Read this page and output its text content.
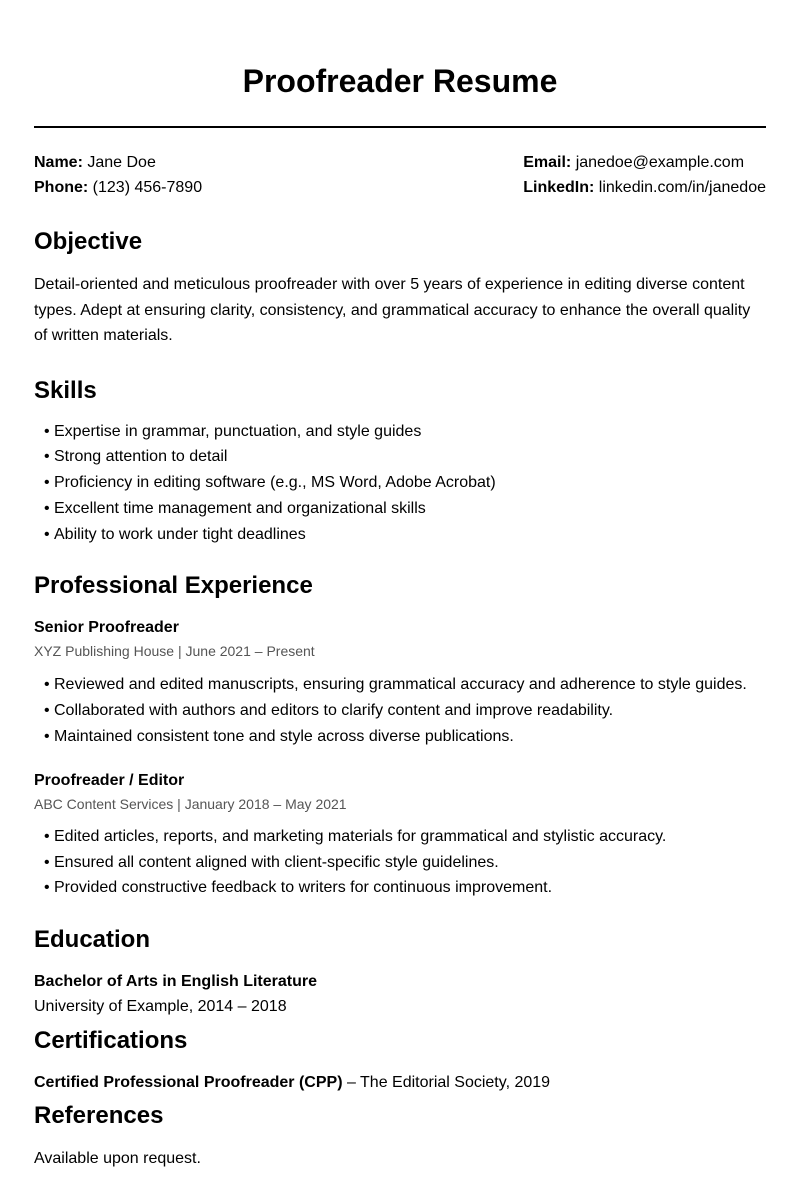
Proofreader Resume
Name: Jane Doe
Phone: (123) 456-7890
Email: janedoe@example.com
LinkedIn: linkedin.com/in/janedoe
Objective

Detail-oriented and meticulous proofreader with over 5 years of experience in editing diverse content types. Adept at ensuring clarity, consistency, and grammatical accuracy to enhance the overall quality of written materials.

Skills
• Expertise in grammar, punctuation, and style guides
• Strong attention to detail
• Proficiency in editing software (e.g., MS Word, Adobe Acrobat)
• Excellent time management and organizational skills
• Ability to work under tight deadlines
Professional Experience
Senior Proofreader
XYZ Publishing House | June 2021 – Present
• Reviewed and edited manuscripts, ensuring grammatical accuracy and adherence to style guides.
• Collaborated with authors and editors to clarify content and improve readability.
• Maintained consistent tone and style across diverse publications.
Proofreader / Editor
ABC Content Services | January 2018 – May 2021
• Edited articles, reports, and marketing materials for grammatical and stylistic accuracy.
• Ensured all content aligned with client-specific style guidelines.
• Provided constructive feedback to writers for continuous improvement.
Education
Bachelor of Arts in English Literature
University of Example, 2014 – 2018
Certifications
Certified Professional Proofreader (CPP) – The Editorial Society, 2019
References

Available upon request.
